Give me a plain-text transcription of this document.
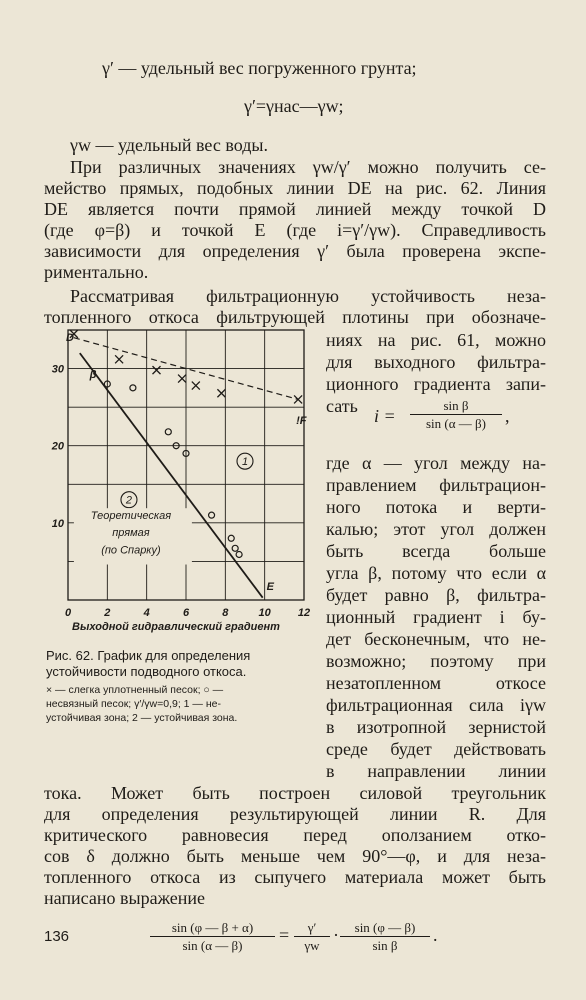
γ′ — удельный вес погруженного грунта;
γ′=γнас—γw;
γw — удельный вес воды.
При различных значениях γw/γ′ можно получить се-
мейство прямых, подобных линии DE на рис. 62. Линия
DE является почти прямой линией между точкой D
(где φ=β) и точкой E (где i=γ′/γw). Справедливость
зависимости для определения γ′ была проверена экспе-
риментально.
Рассматривая фильтрационную устойчивость неза-
топленного откоса фильтрующей плотины при обозначе-
ниях на рис. 61, можно
для выходного фильтра-
ционного градиента запи-
сать i =
sin β
sin (α — β)	,
где α — угол между на-
правлением фильтрацион-
ного потока и верти-
калью; этот угол должен
быть всегда больше
угла β, потому что если α
будет равно β, фильтра-
ционный градиент i бу-
дет бесконечным, что не-
возможно; поэтому при
незатопленном откосе
фильтрационная сила iγw
в изотропной зернистой
среде будет действовать
в направлении линии
0	2	4	6	8	10 12
10
20
30
Выходной гидравлический градиент
D
β
E
!F
1
2
Теоретическая
прямая
(по Спарку)
Рис. 62. График для определения
устойчивости подводного откоса.
× — слегка уплотненный песок; ○ —
несвязный песок; γ′/γw=0,9; 1 — не-
устойчивая зона; 2 — устойчивая зона.
тока. Может быть построен силовой треугольник
для определения результирующей линии R. Для
критического равновесия перед оползанием отко-
сов δ должно быть меньше чем 90°—φ, и для неза-
топленного откоса из сыпучего материала может быть
написано выражение
sin (φ — β + α)
sin (α — β)
=	γ′
γw
·	sin (φ — β)
sin β
.
136
